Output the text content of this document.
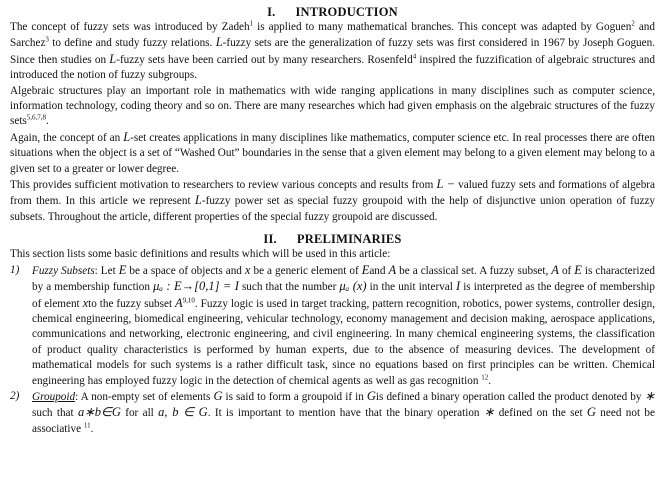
I. INTRODUCTION

The concept of fuzzy sets was introduced by Zadeh$^1$ is applied to many mathematical branches. This concept was adapted by Goguen$^2$ and Sarchez$^3$ to define and study fuzzy relations. L-fuzzy sets are the generalization of fuzzy sets was first considered in 1967 by Joseph Goguen. Since then studies on L-fuzzy sets have been carried out by many researchers. Rosenfeld$^4$ inspired the fuzzification of algebraic structures and introduced the notion of fuzzy subgroups.

Algebraic structures play an important role in mathematics with wide ranging applications in many disciplines such as computer science, information technology, coding theory and so on. There are many researches which had given emphasis on the algebraic structures of the fuzzy sets$^{5,6,7,8}$.

Again, the concept of an L-set creates applications in many disciplines like mathematics, computer science etc. In real processes there are often situations when the object is a set of “Washed Out” boundaries in the sense that a given element may belong to a given element may belong to a given set to a greater or lower degree.

This provides sufficient motivation to researchers to review various concepts and results from L − valued fuzzy sets and formations of algebra from them. In this article we represent L-fuzzy power set as special fuzzy groupoid with the help of disjunctive union operation of fuzzy subsets. Throughout the article, different properties of the special fuzzy groupoid are discussed.

II. PRELIMINARIES

This section lists some basic definitions and results which will be used in this article:

1) Fuzzy Subsets: Let E be a space of objects and x be a generic element of Eand A be a classical set. A fuzzy subset, A of E is characterized by a membership function μₐ : E→[0,1] = I such that the number μₐ (x) in the unit interval I is interpreted as the degree of membership of element xto the fuzzy subset A$^{9,10}$. Fuzzy logic is used in target tracking, pattern recognition, robotics, power systems, controller design, chemical engineering, biomedical engineering, vehicular technology, economy management and decision making, aerospace applications, communications and networking, electronic engineering, and civil engineering. In many chemical engineering systems, the classification of product quality characteristics is performed by human experts, due to the absence of measuring devices. The development of mathematical models for such systems is a rather difficult task, since no equations based on first principles can be written. Chemical engineering has employed fuzzy logic in the detection of chemical agents as well as gas recognition $^{12}$.
2) Groupoid: A non-empty set of elements G is said to form a groupoid if in Gis defined a binary operation called the product denoted by ∗ such that a∗b∈G for all a, b ∈ G. It is important to mention have that the binary operation ∗ defined on the set G need not be associative $^{11}$.
